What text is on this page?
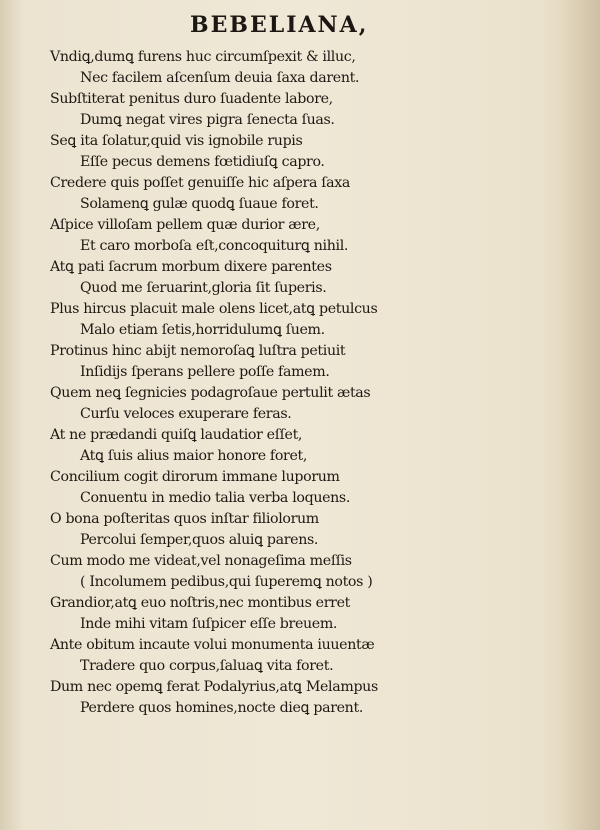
BEBELIANA,
Vndiꝗ,dumꝗ furens huc circumſpexit & illuc,
Nec facilem aſcenſum deuia ſaxa darent.
Subſtiterat penitus duro ſuadente labore,
Dumꝗ negat vires pigra ſenecta ſuas.
Seꝗ ita ſolatur,quid vis ignobile rupis
Eſſe pecus demens fœtidiuſꝗ capro.
Credere quis poſſet genuiſſe hic aſpera ſaxa
Solamenꝗ gulæ quodꝗ ſuaue foret.
Aſpice villoſam pellem quæ durior ære,
Et caro morboſa eſt,concoquiturꝗ nihil.
Atꝗ pati ſacrum morbum dixere parentes
Quod me ſeruarint,gloria ſit ſuperis.
Plus hircus placuit male olens licet,atꝗ petulcus
Malo etiam ſetis,horridulumꝗ ſuem.
Protinus hinc abijt nemoroſaꝗ luſtra petiuit
Inſidijs ſperans pellere poſſe famem.
Quem neꝗ ſegnicies podagroſaue pertulit ætas
Curſu veloces exuperare feras.
At ne prædandi quiſꝗ laudatior eſſet,
Atꝗ ſuis alius maior honore foret,
Concilium cogit dirorum immane luporum
Conuentu in medio talia verba loquens.
O bona poſteritas quos inſtar filiolorum
Percolui ſemper,quos aluiꝗ parens.
Cum modo me videat,vel nonageſima meſſis
( Incolumem pedibus,qui ſuperemꝗ notos )
Grandior,atꝗ euo noſtris,nec montibus erret
Inde mihi vitam ſuſpicer eſſe breuem.
Ante obitum incaute volui monumenta iuuentæ
Tradere quo corpus,ſaluaꝗ vita foret.
Dum nec opemꝗ ferat Podalyrius,atꝗ Melampus
Perdere quos homines,nocte dieꝗ parent.
